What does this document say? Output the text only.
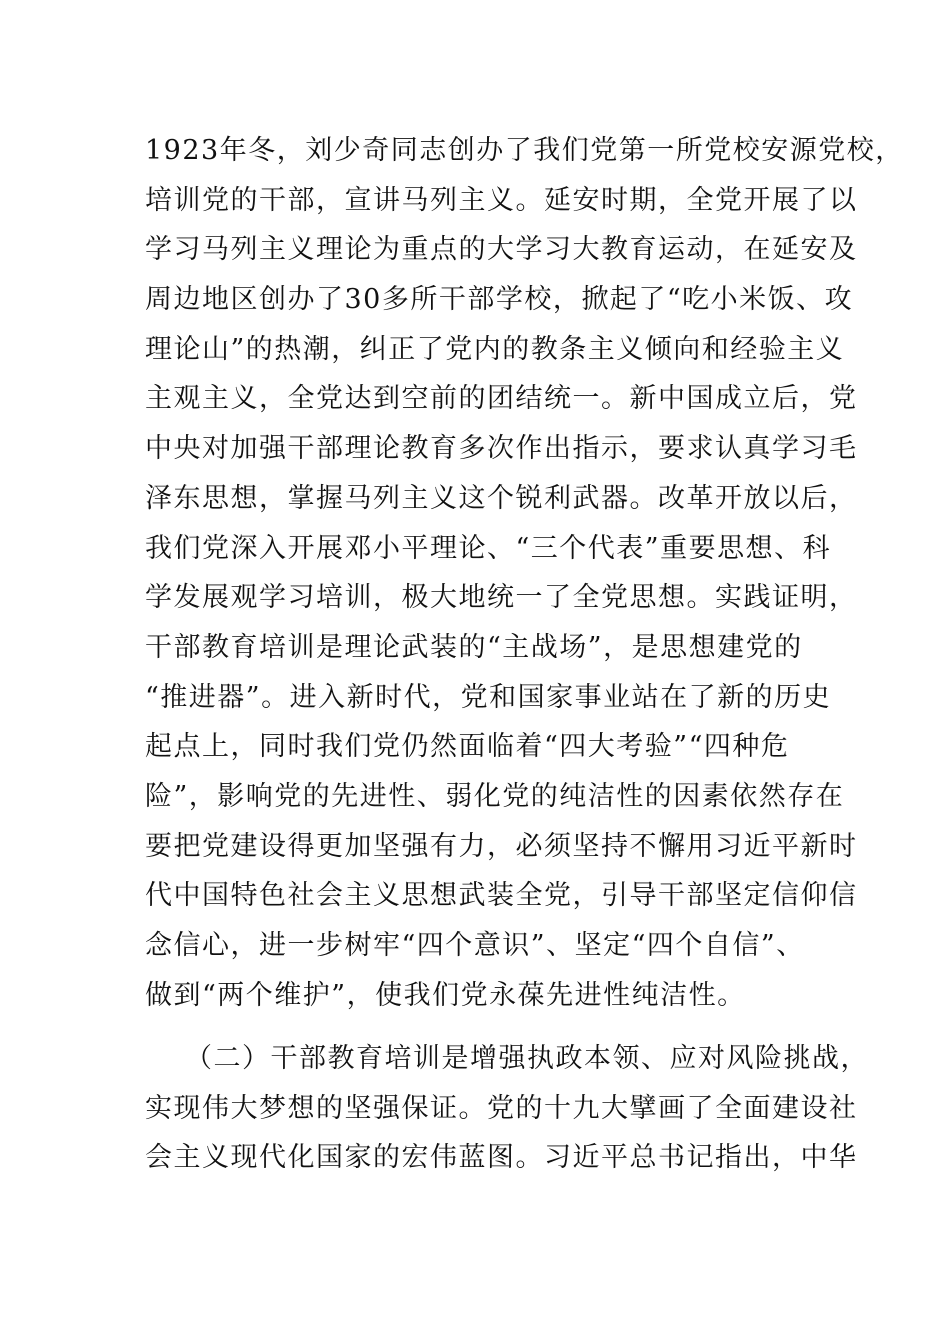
1923年冬，刘少奇同志创办了我们党第一所党校安源党校，
培训党的干部，宣讲马列主义。延安时期，全党开展了以
学习马列主义理论为重点的大学习大教育运动，在延安及
周边地区创办了30多所干部学校，掀起了“吃小米饭、攻
理论山”的热潮，纠正了党内的教条主义倾向和经验主义
主观主义，全党达到空前的团结统一。新中国成立后，党
中央对加强干部理论教育多次作出指示，要求认真学习毛
泽东思想，掌握马列主义这个锐利武器。改革开放以后，
我们党深入开展邓小平理论、“三个代表”重要思想、科
学发展观学习培训，极大地统一了全党思想。实践证明，
干部教育培训是理论武装的“主战场”，是思想建党的
“推进器”。进入新时代，党和国家事业站在了新的历史
起点上，同时我们党仍然面临着“四大考验”“四种危
险”，影响党的先进性、弱化党的纯洁性的因素依然存在
要把党建设得更加坚强有力，必须坚持不懈用习近平新时
代中国特色社会主义思想武装全党，引导干部坚定信仰信
念信心，进一步树牢“四个意识”、坚定“四个自信”、
做到“两个维护”，使我们党永葆先进性纯洁性。
（二）干部教育培训是增强执政本领、应对风险挑战，
实现伟大梦想的坚强保证。党的十九大擘画了全面建设社
会主义现代化国家的宏伟蓝图。习近平总书记指出，中华
